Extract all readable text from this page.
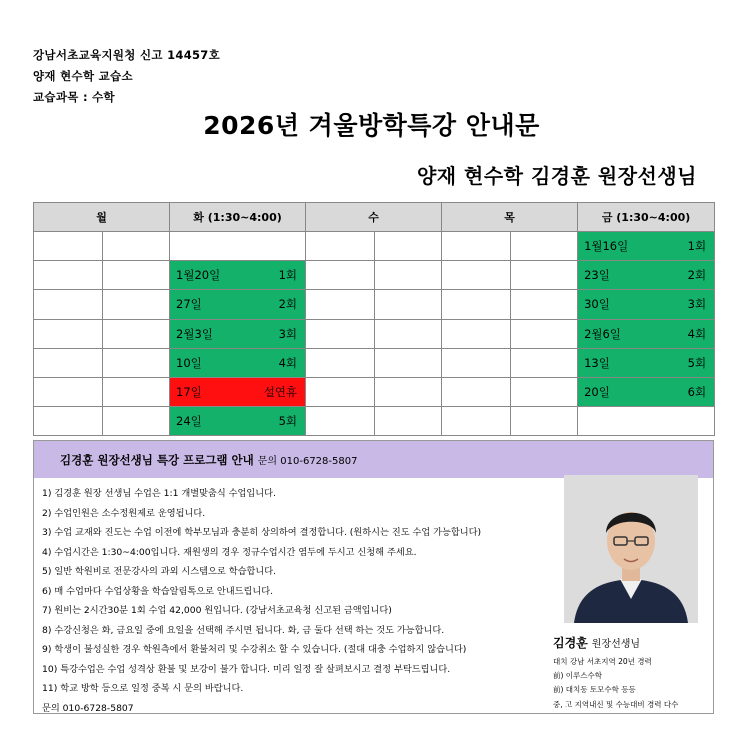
강남서초교육지원청 신고 14457호
양재 현수학 교습소
교습과목 : 수학
2026년 겨울방학특강 안내문
양재 현수학 김경훈 원장선생님
월		화 (1:30~4:00)	수		목		금 (1:30~4:00)

							1월16일 1회

		1월20일 1회					23일 2회

		27일 2회					30일 3회

		2월3일 3회					2월6일 4회

		10일 4회					13일 5회

		17일 설연휴					20일 6회

		24일 5회					

김경훈 원장선생님 특강 프로그램 안내 문의 010-6728-5807
1) 김경훈 원장 선생님 수업은 1:1 개별맞춤식 수업입니다.
2) 수업인원은 소수정원제로 운영됩니다.
3) 수업 교재와 진도는 수업 이전에 학부모님과 충분히 상의하여 결정합니다. (원하시는 진도 수업 가능합니다)
4) 수업시간은 1:30~4:00입니다. 재원생의 경우 정규수업시간 염두에 두시고 신청해 주세요.
5) 일반 학원비로 전문강사의 과외 시스템으로 학습합니다.
6) 매 수업마다 수업상황을 학습알림톡으로 안내드립니다.
7) 원비는 2시간30분 1회 수업 42,000 원입니다. (강남서초교육청 신고된 금액입니다)
8) 수강신청은 화, 금요일 중에 요일을 선택해 주시면 됩니다. 화, 금 둘다 선택 하는 것도 가능합니다.
9) 학생이 불성실한 경우 학원측에서 환불처리 및 수강취소 할 수 있습니다. (절대 대충 수업하지 않습니다)
10) 특강수업은 수업 성격상 환불 및 보강이 불가 합니다. 미리 일정 잘 살펴보시고 결정 부탁드립니다.
11) 학교 방학 등으로 일정 중복 시 문의 바랍니다.
문의 010-6728-5807
김경훈 원장선생님
대치 강남 서초지역 20년 경력
前) 이루스수학
前) 대치동 토모수학 등등
중, 고 지역내신 및 수능대비 경력 다수
